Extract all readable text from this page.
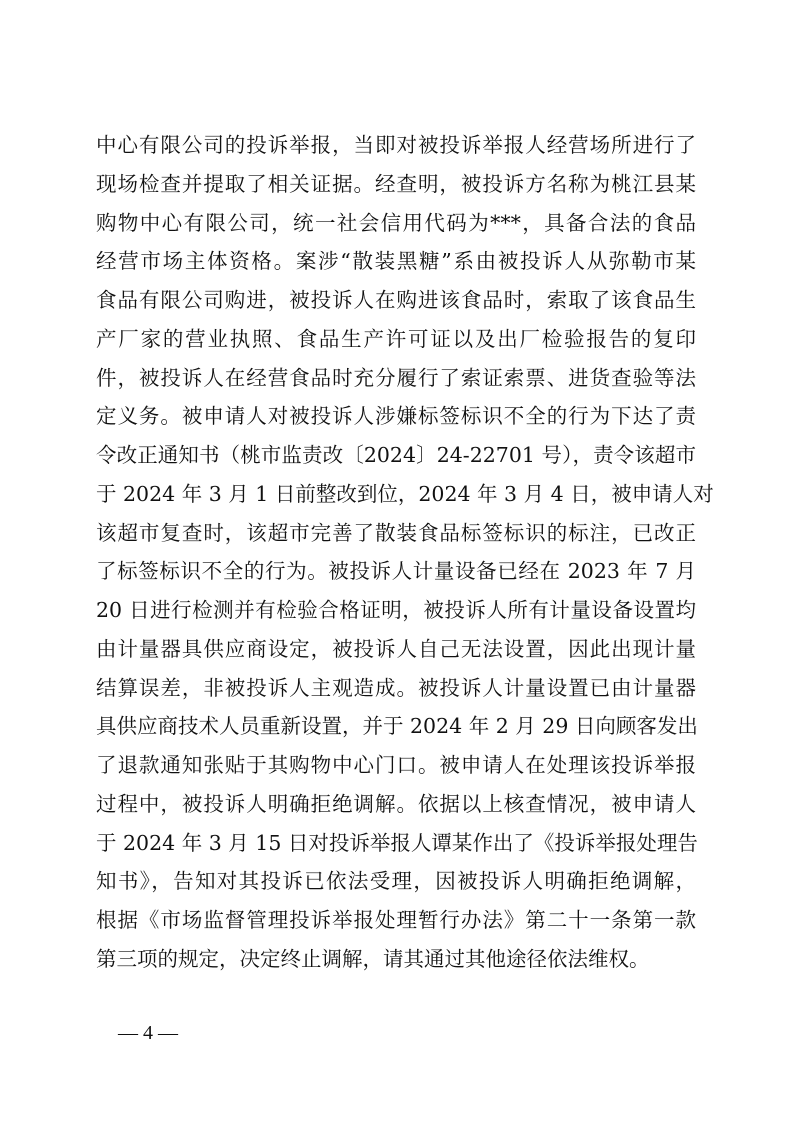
中心有限公司的投诉举报，当即对被投诉举报人经营场所进行了
现场检查并提取了相关证据。经查明，被投诉方名称为桃江县某
购物中心有限公司，统一社会信用代码为***，具备合法的食品
经营市场主体资格。案涉“散装黑糖”系由被投诉人从弥勒市某
食品有限公司购进，被投诉人在购进该食品时，索取了该食品生
产厂家的营业执照、食品生产许可证以及出厂检验报告的复印
件，被投诉人在经营食品时充分履行了索证索票、进货查验等法
定义务。被申请人对被投诉人涉嫌标签标识不全的行为下达了责
令改正通知书（桃市监责改〔2024〕24-22701 号），责令该超市
于 2024 年 3 月 1 日前整改到位，2024 年 3 月 4 日，被申请人对
该超市复查时，该超市完善了散装食品标签标识的标注，已改正
了标签标识不全的行为。被投诉人计量设备已经在 2023 年 7 月
20 日进行检测并有检验合格证明，被投诉人所有计量设备设置均
由计量器具供应商设定，被投诉人自己无法设置，因此出现计量
结算误差，非被投诉人主观造成。被投诉人计量设置已由计量器
具供应商技术人员重新设置，并于 2024 年 2 月 29 日向顾客发出
了退款通知张贴于其购物中心门口。被申请人在处理该投诉举报
过程中，被投诉人明确拒绝调解。依据以上核查情况，被申请人
于 2024 年 3 月 15 日对投诉举报人谭某作出了《投诉举报处理告
知书》，告知对其投诉已依法受理，因被投诉人明确拒绝调解，
根据《市场监督管理投诉举报处理暂行办法》第二十一条第一款
第三项的规定，决定终止调解，请其通过其他途径依法维权。
— 4 —
